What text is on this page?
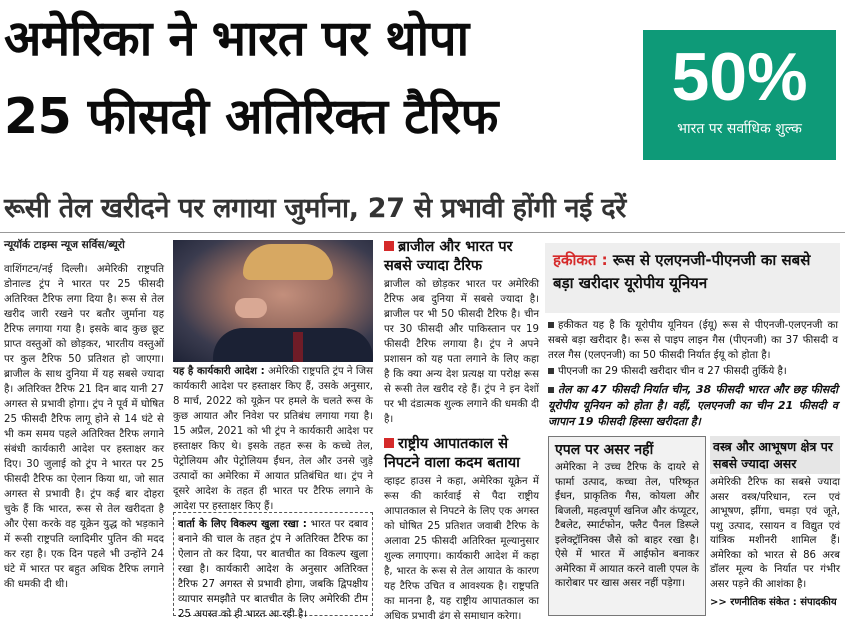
अमेरिका ने भारत पर थोपा
25 फीसदी अतिरिक्त टैरिफ
50%
भारत पर सर्वाधिक शुल्क
रूसी तेल खरीदने पर लगाया जुर्माना, 27 से प्रभावी होंगी नई दरें
न्यूयॉर्क टाइम्स न्यूज सर्विस/ब्यूरो
वाशिंगटन/नई दिल्ली। अमेरिकी राष्ट्रपति डोनाल्ड ट्रंप ने भारत पर 25 फीसदी अतिरिक्त टैरिफ लगा दिया है। रूस से तेल खरीद जारी रखने पर बतौर जुर्माना यह टैरिफ लगाया गया है। इसके बाद कुछ छूट प्राप्त वस्तुओं को छोड़कर, भारतीय वस्तुओं पर कुल टैरिफ 50 प्रतिशत हो जाएगा। ब्राजील के साथ दुनिया में यह सबसे ज्यादा है। अतिरिक्त टैरिफ 21 दिन बाद यानी 27 अगस्त से प्रभावी होगा। ट्रंप ने पूर्व में घोषित 25 फीसदी टैरिफ लागू होने से 14 घंटे से भी कम समय पहले अतिरिक्त टैरिफ लगाने संबंधी कार्यकारी आदेश पर हस्ताक्षर कर दिए। 30 जुलाई को ट्रंप ने भारत पर 25 फीसदी टैरिफ का ऐलान किया था, जो सात अगस्त से प्रभावी है। ट्रंप कई बार दोहरा चुके हैं कि भारत, रूस से तेल खरीदता है और ऐसा करके वह यूक्रेन युद्ध को भड़काने में रूसी राष्ट्रपति व्लादिमीर पुतिन की मदद कर रहा है। एक दिन पहले भी उन्होंने 24 घंटे में भारत पर बहुत अधिक टैरिफ लगाने की धमकी दी थी।
यह है कार्यकारी आदेश : अमेरिकी राष्ट्रपति ट्रंप ने जिस कार्यकारी आदेश पर हस्ताक्षर किए हैं, उसके अनुसार, 8 मार्च, 2022 को यूक्रेन पर हमले के चलते रूस के कुछ आयात और निवेश पर प्रतिबंध लगाया गया है। 15 अप्रैल, 2021 को भी ट्रंप ने कार्यकारी आदेश पर हस्ताक्षर किए थे। इसके तहत रूस के कच्चे तेल, पेट्रोलियम और पेट्रोलियम ईंधन, तेल और उनसे जुड़े उत्पादों का अमेरिका में आयात प्रतिबंधित था। ट्रंप ने दूसरे आदेश के तहत ही भारत पर टैरिफ लगाने के आदेश पर हस्ताक्षर किए हैं।
वार्ता के लिए विकल्प खुला रखा : भारत पर दबाव बनाने की चाल के तहत ट्रंप ने अतिरिक्त टैरिफ का ऐलान तो कर दिया, पर बातचीत का विकल्प खुला रखा है। कार्यकारी आदेश के अनुसार अतिरिक्त टैरिफ 27 अगस्त से प्रभावी होगा, जबकि द्विपक्षीय व्यापार समझौते पर बातचीत के लिए अमेरिकी टीम 25 अगस्त को ही भारत आ रही है।
ब्राजील और भारत पर सबसे ज्यादा टैरिफ
ब्राजील को छोड़कर भारत पर अमेरिकी टैरिफ अब दुनिया में सबसे ज्यादा है। ब्राजील पर भी 50 फीसदी टैरिफ है। चीन पर 30 फीसदी और पाकिस्तान पर 19 फीसदी टैरिफ लगाया है। ट्रंप ने अपने प्रशासन को यह पता लगाने के लिए कहा है कि क्या अन्य देश प्रत्यक्ष या परोक्ष रूस से रूसी तेल खरीद रहे हैं। ट्रंप ने इन देशों पर भी दंडात्मक शुल्क लगाने की धमकी दी है।
राष्ट्रीय आपातकाल से निपटने वाला कदम बताया
व्हाइट हाउस ने कहा, अमेरिका यूक्रेन में रूस की कार्रवाई से पैदा राष्ट्रीय आपातकाल से निपटने के लिए एक अगस्त को घोषित 25 प्रतिशत जवाबी टैरिफ के अलावा 25 फीसदी अतिरिक्त मूल्यानुसार शुल्क लगाएगा। कार्यकारी आदेश में कहा है, भारत के रूस से तेल आयात के कारण यह टैरिफ उचित व आवश्यक है। राष्ट्रपति का मानना है, यह राष्ट्रीय आपातकाल का अधिक प्रभावी ढंग से समाधान करेगा।
हकीकत : रूस से एलएनजी-पीएनजी का सबसे बड़ा खरीदार यूरोपीय यूनियन
हकीकत यह है कि यूरोपीय यूनियन (ईयू) रूस से पीएनजी-एलएनजी का सबसे बड़ा खरीदार है। रूस से पाइप लाइन गैस (पीएनजी) का 37 फीसदी व तरल गैस (एलएनजी) का 50 फीसदी निर्यात ईयू को होता है।
पीएनजी का 29 फीसदी खरीदार चीन व 27 फीसदी तुर्किये है।
तेल का 47 फीसदी निर्यात चीन, 38 फीसदी भारत और छह फीसदी यूरोपीय यूनियन को होता है। वहीं, एलएनजी का चीन 21 फीसदी व जापान 19 फीसदी हिस्सा खरीदता है।
एपल पर असर नहीं
अमेरिका ने उच्च टैरिफ के दायरे से फार्मा उत्पाद, कच्चा तेल, परिष्कृत ईंधन, प्राकृतिक गैस, कोयला और बिजली, महत्वपूर्ण खनिज और कंप्यूटर, टैबलेट, स्मार्टफोन, फ्लैट पैनल डिस्प्ले इलेक्ट्रॉनिक्स जैसे को बाहर रखा है। ऐसे में भारत में आईफोन बनाकर अमेरिका में आयात करने वाली एपल के कारोबार पर खास असर नहीं पड़ेगा।
वस्त्र और आभूषण क्षेत्र पर सबसे ज्यादा असर
अमेरिकी टैरिफ का सबसे ज्यादा असर वस्त्र/परिधान, रत्न एवं आभूषण, झींगा, चमड़ा एवं जूते, पशु उत्पाद, रसायन व विद्युत एवं यांत्रिक मशीनरी शामिल हैं। अमेरिका को भारत से 86 अरब डॉलर मूल्य के निर्यात पर गंभीर असर पड़ने की आशंका है।
>> रणनीतिक संकेत : संपादकीय
